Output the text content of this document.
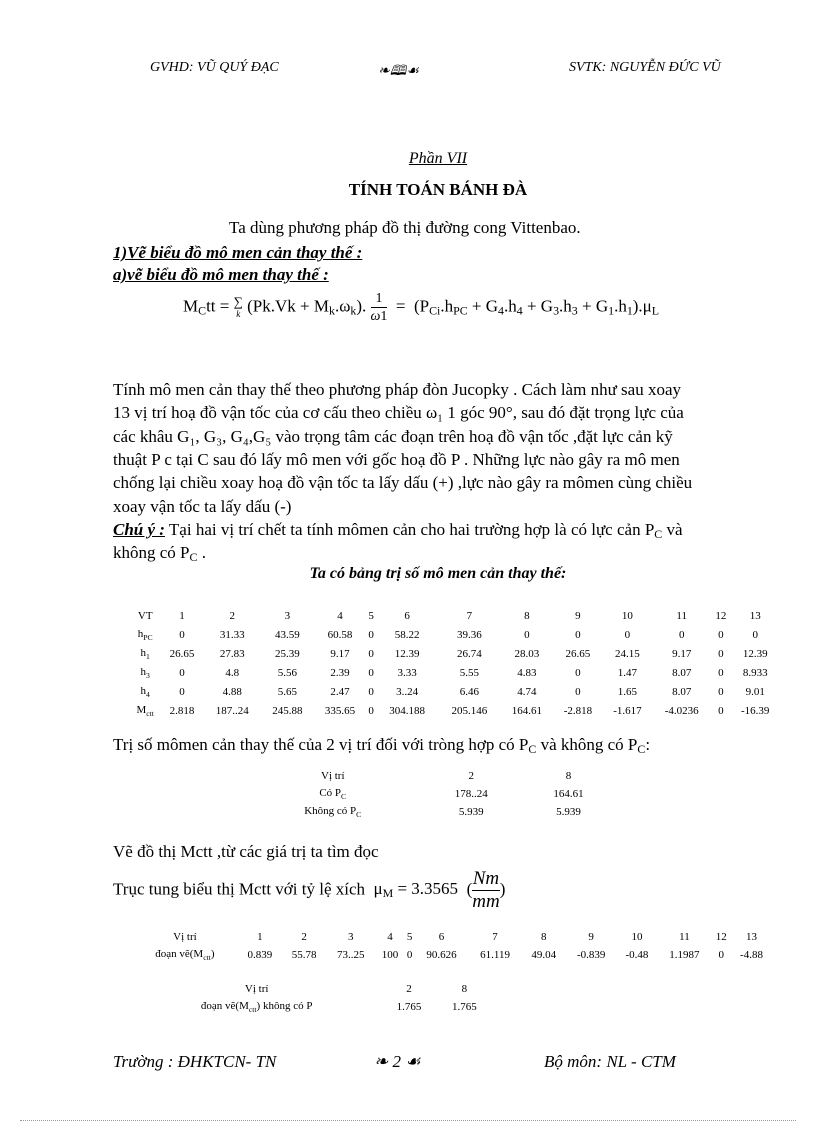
GVHD: VŨ QUÝ ĐẠC	❧🕮☙	SVTK: NGUYỄN ĐỨC VŨ
Phần VII
TÍNH TOÁN BÁNH ĐÀ
Ta dùng phương pháp đồ thị đường cong Vittenbao.
1)Vẽ biểu đồ mô men cản thay thế :
a)vẽ biểu đồ mô men thay thế :
$M_Ctt$ = ∑
k $(Pk.Vk + M_k.\omega_k)$. 1
$\omega 1 = (P_{Ci}.h_{PC} + G_4.h_4 + G_3.h_3 + G_1.h_1).\mu_L$
Tính mô men cản thay thế theo phương pháp đòn Jucopky . Cách làm như sau xoay
13 vị trí hoạ đồ vận tốc của cơ cấu theo chiều ω₁ 1 góc 90°, sau đó đặt trọng lực của
các khâu G₁, G₃, G₄,G₅ vào trọng tâm các đoạn trên hoạ đồ vận tốc ,đặt lực cản kỹ
thuật P c tại C sau đó lấy mô men với gốc hoạ đồ P . Những lực nào gây ra mô men
chống lại chiều xoay hoạ đồ vận tốc ta lấy dấu (+) ,lực nào gây ra mômen cùng chiều
xoay vận tốc ta lấy dấu (-)
Chú ý : Tại hai vị trí chết ta tính mômen cản cho hai trường hợp là có lực cản $P_C$ và
không có $P_C$ .
Ta có bảng trị số mô men cản thay thế:
VT	1	2	3	4	5	6	7	8	9	10	11	12	13
$h_{PC}$	0	31.33	43.59	60.58	0	58.22	39.36	0	0	0	0	0	0
$h_1$	26.65	27.83	25.39	9.17	0	12.39	26.74	28.03	26.65	24.15	9.17	0	12.39
$h_3$	0	4.8	5.56	2.39	0	3.33	5.55	4.83	0	1.47	8.07	0	8.933
$h_4$	0	4.88	5.65	2.47	0	3..24	6.46	4.74	0	1.65	8.07	0	9.01
$M_{ctt}$	2.818	187..24	245.88	335.65	0	304.188	205.146	164.61	-2.818	-1.617	-4.0236	0	-16.39
Trị số mômen cản thay thế của 2 vị trí đối với tròng hợp có $P_C$ và không có $P_C$:
Vị trí	2	8
Có $P_C$	178..24	164.61
Không có $P_C$	5.939	5.939
Vẽ đồ thị Mctt ,từ các giá trị ta tìm đọc
Trục tung biểu thị Mctt với tỷ lệ xích $\mu_M = 3.3565$  ( $\frac{Nm}{mm}$)
Vị trí	1	2	3	4	5	6	7	8	9	10	11	12	13
đoạn $vẽ(M_{ctt})$	0.839	55.78	73..25	100	0	90.626	61.119	49.04	-0.839	-0.48	1.1987	0	-4.88
Vị trí	2	8
đoạn $vẽ(M_{ctt})$ không có P	1.765	1.765
Trường : ĐHKTCN- TN	❧ 2 ☙	Bộ môn: NL - CTM
